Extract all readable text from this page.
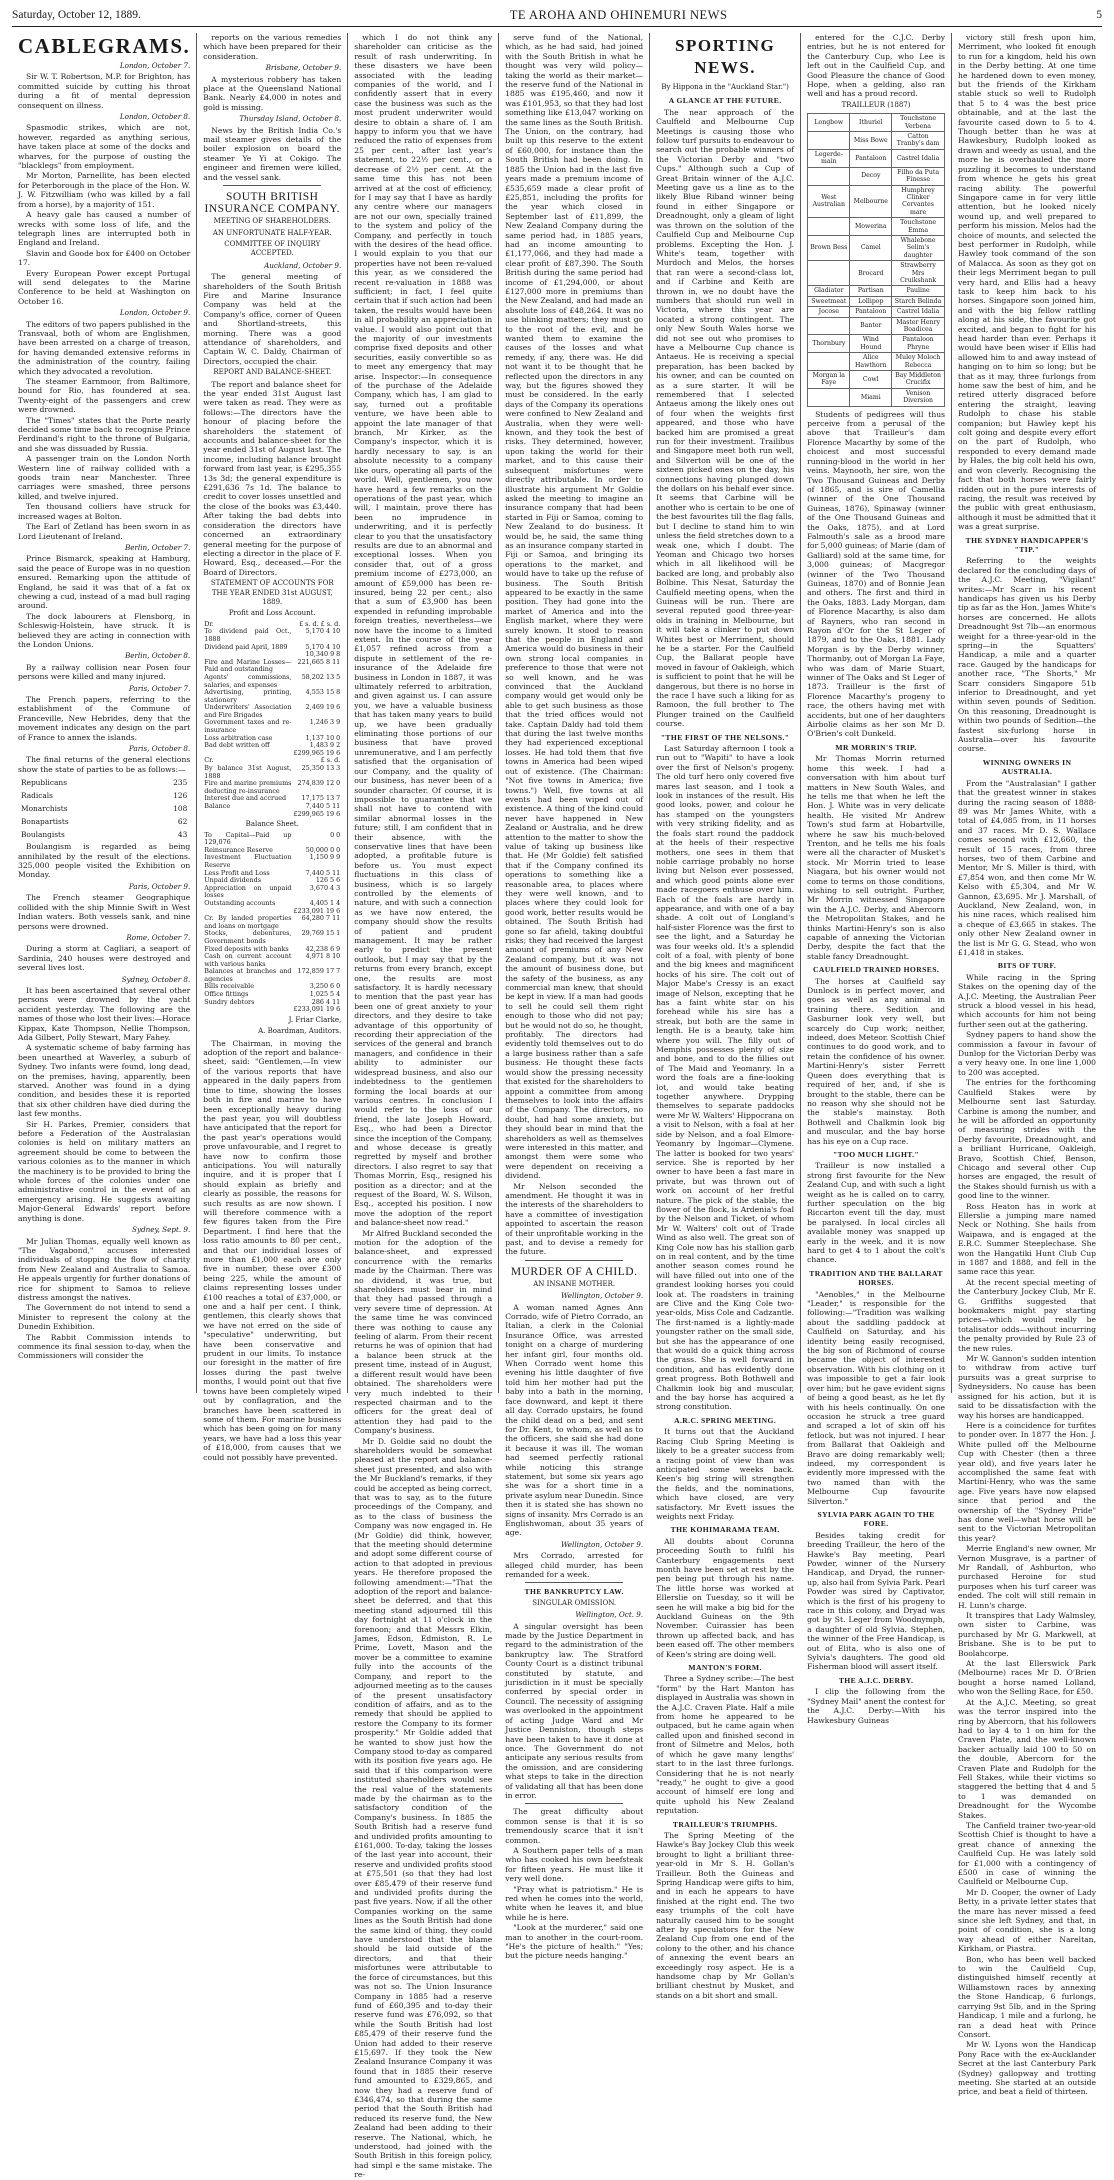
Saturday, October 12, 1889.	TE AROHA AND OHINEMURI NEWS	5
CABLEGRAMS.
London, October 7.

Sir W. T. Robertson, M.P. for Brighton, has committed suicide by cutting his throat during a fit of mental depression consequent on illness.

London, October 8.

Spasmodic strikes, which are not, however, regarded as anything serious, have taken place at some of the docks and wharves, for the purpose of ousting the "blacklegs" from employment.

Mr Morton, Parnellite, has been elected for Peterborough in the place of the Hon. W. J. W. Fitzwilliam (who was killed by a fall from a horse), by a majority of 151.

A heavy gale has caused a number of wrecks with some loss of life, and the telegraph lines are interrupted both in England and Ireland.

Slavin and Goode box for £400 on October 17.

Every European Power except Portugal will send delegates to the Marine Conference to be held at Washington on October 16.

London, October 9.

The editors of two papers published in the Transvaal, both of whom are Englishmen, have been arrested on a charge of treason, for having demanded extensive reforms in the administration of the country, failing which they advocated a revolution.

The steamer Earnmoor, from Baltimore, bound for Rio, has foundered at sea. Twenty-eight of the passengers and crew were drowned.

The "Times" states that the Porte nearly decided some time back to recognise Prince Ferdinand's right to the throne of Bulgaria, and she was dissuaded by Russia.

A passenger train on the London North Western line of railway collided with a goods train near Manchester. Three carriages were smashed, three persons killed, and twelve injured.

Ten thousand colliers have struck for increased wages at Bolton.

The Earl of Zetland has been sworn in as Lord Lieutenant of Ireland.

Berlin, October 7.

Prince Bismarck, speaking at Hamburg, said the peace of Europe was in no question ensured. Remarking upon the attitude of England, he said it was that of a fat ox chewing a cud, instead of a mad bull raging around.

The dock labourers at Flensborg, in Schleswig-Holstein, have struck. It is believed they are acting in connection with the London Unions.

Berlin, October 8.

By a railway collision near Posen four persons were killed and many injured.

Paris, October 7.

The French papers, referring to the establishment of the Commune of Franceville, New Hebrides, deny that the movement indicates any design on the part of France to annex the islands.

Paris, October 8.

The final returns of the general elections show the state of parties to be as follows:—

Republicans	235
Radicals	126
Monarchists	108
Bonapartists	62
Boulangists	43

Boulangism is regarded as being annihilated by the result of the elections. 325,000 people visited the Exhibition on Monday.

Paris, October 9.

The French steamer Geographique collided with the ship Minnie Swift in West Indian waters. Both vessels sank, and nine persons were drowned.

Rome, October 7.

During a storm at Cagliari, a seaport of Sardinia, 240 houses were destroyed and several lives lost.

Sydney, October 8.

It has been ascertained that several other persons were drowned by the yacht accident yesterday. The following are the names of those who lost their lives:—Horace Kippax, Kate Thompson, Nellie Thompson, Ada Gilbert, Polly Stewart, Mary Fahey.

A systematic scheme of baby farming has been unearthed at Waverley, a suburb of Sydney. Two infants were found, long dead, on the premises, having, apparently, been starved. Another was found in a dying condition, and besides these it is reported that six other children have died during the last few months.

Sir H. Parkes, Premier, considers that before a Federation of the Australasian colonies is held on military matters an agreement should be come to between the various colonies as to the manner in which the machinery is to be provided to bring the whole forces of the colonies under one administrative control in the event of an emergency arising. He suggests awaiting Major-General Edwards' report before anything is done.

Sydney, Sept. 9.

Mr Julian Thomas, equally well known as "The Vagabond," accuses interested individuals of stopping the flow of charity from New Zealand and Australia to Samoa. He appeals urgently for further donations of rice for shipment to Samoa to relieve distress amongst the natives.

The Government do not intend to send a Minister to represent the colony at the Dunedin Exhibition.

The Rabbit Commission intends to commence its final session to-day, when the Commissioners will consider the

reports on the various remedies which have been prepared for their consideration.

Brisbane, October 9.

A mysterious robbery has taken place at the Queensland National Bank. Nearly £4,000 in notes and gold is missing.

Thursday Island, October 8.

News by the British India Co.'s mail steamer gives details of the boiler explosion on board the steamer Ye Yi at Cokigo. The engineer and firemen were killed, and the vessel sank.

SOUTH BRITISH INSURANCE COMPANY.
MEETING OF SHAREHOLDERS.
AN UNFORTUNATE HALF-YEAR.
COMMITTEE OF INQUIRY ACCEPTED.
Auckland, October 9.

The general meeting of shareholders of the South British Fire and Marine Insurance Company was held at the Company's office, corner of Queen and Shortland-streets, this morning. There was a good attendance of shareholders, and Captain W. C. Daldy, Chairman of Directors, occupied the chair.

REPORT AND BALANCE-SHEET.

The report and balance sheet for the year ended 31st August last were taken as read. They were as follows:—The directors have the honour of placing before the shareholders the statement of accounts and balance-sheet for the year ended 31st of August last. The income, including balance brought forward from last year, is £295,355 13s 3d; the general expenditure is £291,636 7s 1d. The balance to credit to cover losses unsettled and the close of the books was £3,440. After taking the bad debts into consideration the directors have concerned an extraordinary general meeting for the purpose of electing a director in the place of F. Howard, Esq., deceased.—For the Board of Directors.

STATEMENT OF ACCOUNTS FOR THE YEAR ENDED 31st AUGUST, 1889.
Profit and Loss Account.
Dr.	£ s. d. £ s. d.
To dividend paid Oct., 1888	5,170 4 10
Dividend paid April, 1889	5,170 4 10
	10,340 9 8
Fire and Marine Losses—Paid and outstanding	221,665 8 11
Agents' commissions, salaries, and expenses	58,202 13 5
Advertising, printing, stationery	4,553 15 8
Underwriters' Association and Fire Brigades	2,469 19 6
Government taxes and re-insurance	1,246 3 9
Loss arbitration case	1,137 10 0
Bad debt written off	1,483 9 2
	£299,965 19 6
Cr.	£ s. d.
By balance 31st August, 1888	25,350 13 3
Fire and marine premiums deducting re-insurance	274,839 12 0
Interest due and accrued	17,175 13 7
Balance	7,440 5 11
	£299,965 19 6
Balance Sheet.
To Capital—Paid up 129,076	0 0
Reinsurance Reserve	50,000 0 0
Investment Fluctuation Reserve	1,150 9 9
Less Profit and Loss	7,440 5 11
Unpaid dividends	126 5 6
Appreciation on unpaid losses	3,670 4 3
Outstanding accounts	4,405 1 4
	£233,091 19 6
Cr. By landed properties and loans on mortgage	64,280 7 11
Stocks, debentures, Government bonds	29,769 15 1
Fixed deposits with banks	42,238 6 9
Cash on current account with various banks	4,971 8 10
Balances at branches and agencies	172,859 17 7
Bills receivable	3,250 6 0
Office fittings	1,025 5 4
Sundry debtors	286 4 11
	£233,091 19 6
J. Friar Clarke,
A. Boardman, Auditors.

The Chairman, in moving the adoption of the report and balance-sheet, said: "Gentlemen,—In view of the various reports that have appeared in the daily papers from time to time, showing the losses both in fire and marine to have been exceptionally heavy during the past year, you will doubtless have anticipated that the report for the past year's operations would prove unfavourable, and I regret to have now to confirm those anticipations. You will naturally inquire, and it is proper that I should explain as briefly and clearly as possible, the reasons for such results as are now shown. I will therefore commence with a few figures taken from the Fire Department. I find here that the loss ratio amounts to 80 per cent., and that our individual losses of more than £1,000 each are only five in number, these over £300 being 225, while the amount of claims representing losses under £100 reaches a total of £37,000, or one and a half per cent. I think, gentlemen, this clearly shows that we have not erred on the side of "speculative" underwriting, but have been conservative and prudent in our limits. To instance our foresight in the matter of fire losses during the past twelve months, I would point out that five towns have been completely wiped out by conflagration, and the branches have been scattered in some of them. For marine business which has been going on for many years, we have had a loss this year of £18,000, from causes that we could not possibly have prevented.

which I do not think any shareholder can criticise as the result of rash underwriting. In these disasters we have been associated with the leading companies of the world, and I confidently assert that in every case the business was such as the most prudent underwriter would desire to obtain a share of. I am happy to inform you that we have reduced the ratio of expenses from 25 per cent., after last year's statement, to 22½ per cent., or a decrease of 2½ per cent. At the same time this has not been arrived at at the cost of efficiency, for I may say that I have as hardly any centre where our managers are not our own, specially trained to the system and policy of the Company, and perfectly in touch with the desires of the head office. I would explain to you that our properties have not been re-valued this year, as we considered the recent re-valuation in 1888 was sufficient; in fact, I feel quite certain that if such action had been taken, the results would have been in all probability an appreciation in value. I would also point out that the majority of our investments comprise fixed deposits and other securities, easily convertible so as to meet any emergency that may arise. Inspector:—In consequence of the purchase of the Adelaide Company, which has, I am glad to say, turned out a profitable venture, we have been able to appoint the late manager of that branch, Mr Kirker, as the Company's inspector, which it is hardly necessary to say, is an absolute necessity to a company like ours, operating all parts of the world. Well, gentlemen, you now have heard a few remarks on the operations of the past year, which will, I maintain, prove there has been no imprudence in underwriting, and it is perfectly clear to you that the unsatisfactory results are due to an abnormal and exceptional losses. When you consider that, out of a gross premium income of £273,000, an amount of £59,000 has been re-insured, being 22 per cent.; also that a sum of £3,900 has been expended in refunding improbable foreign treaties, nevertheless—we now have the income to a limited extent. In the course of the year £1,057 refined across from a dispute in settlement of the re-insurance of the Adelaide fire business in London in 1887, it was ultimately referred to arbitration, and given against us. I can assure you, we have a valuable business that has taken many years to build up, we have been gradually eliminating those portions of our business that have proved unremunerative, and I am perfectly satisfied that the organisation of our Company, and the quality of our business, has never been of a sounder character. Of course, it is impossible to guarantee that we shall not have to contend with similar abnormal losses in the future; still, I am confident that in their absence, with the conservative lines that have been adopted, a profitable future is before us. You must expect fluctuations in this class of business, which is so largely controlled by the elements of nature, and with such a connection as we have now entered, the company should show the results of patient and prudent management. It may be rather early to predict the present outlook, but I may say that by the returns from every branch, except one, the results are most satisfactory. It is hardly necessary to mention that the past year has been one of great anxiety to your directors, and they desire to take advantage of this opportunity of recording their appreciation of the services of the general and branch managers, and confidence in their ability to administer our widespread business, and also our indebtedness to the gentlemen forming the local boards at our various centres. In conclusion I would refer to the loss of our friend, the late Joseph Howard, Esq., who had been a Director since the inception of the Company, and whose decease is greatly regretted by myself and brother directors. I also regret to say that Thomas Morrin, Esq., resigned his position as a director; and at the request of the Board, W. S. Wilson, Esq., accepted his position. I now move the adoption of the report and balance-sheet now read."

Mr Alfred Buckland seconded the motion for the adoption of the balance-sheet, and expressed concurrence with the remarks made by the Chairman. There was no dividend, it was true, but shareholders must bear in mind that they had passed through a very severe time of depression. At the same time he was convinced there was nothing to cause any feeling of alarm. From their recent returns he was of opinion that had a balance been struck at the present time, instead of in August, a different result would have been obtained. The shareholders were very much indebted to their respected chairman and to the officers for the great deal of attention they had paid to the Company's business.

Mr D. Goldie said no doubt the shareholders would be somewhat pleased at the report and balance-sheet just presented, and also with the Mr Buckland's remarks, if they could be accepted as being correct, that was to say, as to the future proceedings of the Company, and as to the class of business the Company was now engaged in. He (Mr Goldie) did think, however, that the meeting should determine and adopt some different course of action to that adopted in previous years. He therefore proposed the following amendment:—"That the adoption of the report and balance-sheet be deferred, and that this meeting stand adjourned till this day fortnight at 11 o'clock in the forenoon; and that Messrs Elkin, James, Edson, Edmiston, R. Le Prime, Lovett, Mason and the mover be a committee to examine fully into the accounts of the Company, and report to the adjourned meeting as to the causes of the present unsatisfactory condition of affairs, and as to the remedy that should be applied to restore the Company to its former prosperity." Mr Goldie added that he wanted to show just how the Company stood to-day as compared with its position five years ago. He said that if this comparison were instituted shareholders would see the real value of the statements made by the chairman as to the satisfactory condition of the Company's business. In 1885 the South British had a reserve fund and undivided profits amounting to £161,000. To-day, taking the losses of the last year into account, their reserve and undivided profits stood at £75,501 (so that they had lost over £85,479 of their reserve fund and undivided profits during the past five years. Now, if all the other Companies working on the same lines as the South British had done the same kind of thing, they could have understood that the blame should be laid outside of the directors, and that their misfortunes were attributable to the force of circumstances, but this was not so. The Union Insurance Company in 1885 had a reserve fund of £60,395 and to-day their reserve fund was £76,092, so that while the South British had lost £85,479 of their reserve fund the Union had added to their reserve £15,697. If they took the New Zealand Insurance Company it was found that in 1885 their reserve fund amounted to £329,865, and now they had a reserve fund of £346,474, so that during the same period that the South British had reduced its reserve fund, the New Zealand had been adding to their reserve. The National, which, he understood, had joined with the South British in this foreign policy, had simpl e the same mistake. The re-

serve fund of the National, which, as he had said, had joined with the South British in what he thought was very wild policy—taking the world as their market—the reserve fund of the National in 1885 was £195,460, and now it was £101,953, so that they had lost something like £13,047 working on the same lines as the South British. The Union, on the contrary, had built up this reserve to the extent of £60,000, for instance than the South British had been doing. In 1885 the Union had in the last five years made a premium income of £535,659 made a clear profit of £25,851, including the profits for the year which closed in September last of £11,899, the New Zealand Company during the same period had, in 1885 years, had an income amounting to £1,177,066, and they had made a clear profit of £87,390. The South British during the same period had income of £1,294,000, or about £127,000 more in premiums than the New Zealand, and had made an absolute loss of £48,264. It was no use blinking matters; they must go to the root of the evil, and he wanted them to examine the causes of the losses and what remedy, if any, there was. He did not want it to be thought that he reflected upon the directors in any way, but the figures showed they must be considered. In the early days of the Company its operations were confined to New Zealand and Australia, when they were well-known, and they took the best of risks. They determined, however, upon taking the world for their market, and to this cause their subsequent misfortunes were directly attributable. In order to illustrate his argument Mr Goldie asked the meeting to imagine an insurance company that had been started in Fiji or Samoa, coming to New Zealand to do business. It would be, he said, the same thing as an insurance company started in Fiji or Samoa, and bringing its operations to the market, and would have to take up the refuse of business. The South British appeared to be exactly in the same position. They had gone into the market of America and into the English market, where they were surely known. It stood to reason that the people in England and America would do business in their own strong local companies in preference to those that were not so well known, and he was convinced that the Auckland company would get would only be able to get such business as those that the tried offices would not take. Captain Daldy had told them that during the last twelve months they had experienced exceptional losses. He had told them that five towns in America had been wiped out of existence. (The Chairman: "Not five towns in America; five towns.") Well, five towns at all events had been wiped out of existence. A thing of the kind could never have happened in New Zealand or Australia, and he drew attention to the matter to show the value of taking up business like that. He (Mr Goldie) felt satisfied that if the Company confined its operations to something like a reasonable area, to places where they were well known, and to places where they could look for good work, better results would be obtained. The South British had gone so far afield, taking doubtful risks; they had received the largest amount of premiums of any New Zealand company, but it was not the amount of business done, but the safety of the business, as any commercial man knew, that should be kept in view. If a man had goods to sell he could sell them right enough to those who did not pay; but he would not do so, he thought, profitably. The directors had evidently told themselves out to do a large business rather than a safe business. He thought these facts would show the pressing necessity that existed for the shareholders to appoint a committee from among themselves to look into the affairs of the Company. The directors, no doubt, had had some anxiety, but they should bear in mind that the shareholders as well as themselves were interested in this matter, and amongst them were some who were dependent on receiving a dividend.

Mr Nelson seconded the amendment. He thought it was in the interests of the shareholders to have a committee of investigation appointed to ascertain the reason of their unprofitable working in the past, and to devise a remedy for the future.

MURDER OF A CHILD.
AN INSANE MOTHER.
Wellington, October 9.

A woman named Agnes Ann Corrado, wife of Pietro Corrado, an Italian, a clerk in the Colonial Insurance Office, was arrested tonight on a charge of murdering her infant girl, four months old. When Corrado went home this evening his little daughter of five told him her mother had put the baby into a bath in the morning, face downward, and kept it there all day. Corrado upstairs, he found the child dead on a bed, and sent for Dr. Kent, to whom, as well as to the officers, she said she had done it because it was ill. The woman had seemed perfectly rational while noticing this strange statement, but some six years ago she was for a short time in a private asylum near Dunedin. Since then it is stated she has shown no signs of insanity. Mrs Corrado is an Englishwoman, about 35 years of age.

Wellington, October 9.

Mrs Corrado, arrested for alleged child murder, has been remanded for a week.

THE BANKRUPTCY LAW.
SINGULAR OMISSION.
Wellington, Oct. 9.

A singular oversight has been made by the Justice Department in regard to the administration of the bankruptcy law. The Stratford County Court is a distinct tribunal constituted by statute, and jurisdiction in it must be specially conferred by special order in Council. The necessity of assigning was overlooked in the appointment of acting Judge Ward and Mr Justice Denniston, though steps have been taken to have it done at once. The Government do not anticipate any serious results from the omission, and are considering what steps to take in the direction of validating all that has been done in error.

The great difficulty about common sense is that it is so tremendously scarce that it isn't common.

A Southern paper tells of a man who has cooked his own beefsteak for fifteen years. He must like it very well done.

"Pray what is patriotism." He is red when he comes into the world, white when he leaves it, and blue while he is here.

"Look at the murderer," said one man to another in the court-room. "He's the picture of health." "Yes; but the picture needs hanging."

SPORTING NEWS.
By Hippona in the "Auckland Star.")
A GLANCE AT THE FUTURE.

The near approach of the Caulfield and Melbourne Cup Meetings is causing those who follow turf pursuits to endeavour to search out the probable winners of the Victorian Derby and "two Cups." Although such a Cup of Great Britain winner of the A.J.C. Meeting gave us a line as to the likely Blue Riband winner being found in either Singapore or Dreadnought, only a gleam of light was thrown on the solution of the Caulfield Cup and Melbourne Cup problems. Excepting the Hon. J. White's team, together with Murdoch and Melos, the horses that ran were a second-class lot, and if Carbine and Keith are thrown in, we no doubt have the numbers that should run well in Victoria, where this year are located a strong contingent. The only New South Wales horse we did not see out who promises to have a Melbourne Cup chance is Antaeus. He is receiving a special preparation, has been backed by his owner, and can be counted on as a sure starter. It will be remembered that I selected Antaeus among the likely ones out of four when the weights first appeared, and those who have backed him are promised a great run for their investment. Trailibus and Singapore meet both run well, and Silverton will be one of the sixteen picked ones on the day, his connections having plunged down the dollars on his behalf ever since. It seems that Carbine will be another who is certain to be one of the best favourites till the flag falls, but I decline to stand him to win unless the field stretches down to a weak one, which I doubt. The Yeoman and Chicago two horses which in all likelihood will be backed are long, and probably also Bolbine. This Nesat, Saturday the Caulfield meeting opens, when the Guineas will be run. There are several reputed good three-year-olds in training in Melbourne, but it will take a clinker to put down Whites best or Merriment, should he be a starter. For the Caulfield Cup, the Ballarat people have moved in favour of Oakleigh, which is sufficient to point that he will be dangerous, but there is no horse in the race I have such a liking for as Ramoon, the full brother to The Plunger trained on the Caulfield course.

"THE FIRST OF THE NELSONS."

Last Saturday afternoon I took a run out to "Wapiti" to have a look over the first of Nelson's progeny. The old turf hero only covered five mares last season, and I took a look in instances of the result. His good looks, power, and colour he has stamped on the youngsters with very striking fidelity, and as the foals start round the paddock at the heels of their respective mothers, one sees in them that noble carriage probably no horse living but Nelson ever possessed, and which good points alone ever made racegoers enthuse over him. Each of the foals are hardy in appearance, and with one of a bay shade. A colt out of Longland's half-sister Florence was the first to see the light, and a Saturday he was four weeks old. It's a splendid colt of a foal, with plenty of bone and the big knees and magnificent hocks of his sire. The colt out of Major Mabe's Cressy is an exact image of Nelson, excepting that he has a faint white star on his forehead while his sire has a streak, but both are the same in length. He is a beauty, take him where you will. The filly out of Memphis possesses plenty of size and bone, and to do the fillies out of The Maid and Yeomanry. In a word the foals are a fine-looking lot, and would take beating together anywhere. Drypping themselves to separate paddocks were Mr W. Walters' Hippocrana on a visit to Nelson, with a foal at her side by Nelson, and a foal Elmore-Yeomanry by Ingomar—Clymene. The latter is booked for two years' service. She is reported by her owner to have been a fast mare in private, but was thrown out of work on account of her fretful nature. The pick of the stable, the flower of the flock, is Ardenia's foal by the Nelson and Ticket, of whom Mr W. Walters' colt out of Trade Wind as also well. The great son of King Cole now has his stallion garb on in real content, and by the time another season comes round he will have filled out into one of the grandest looking horses you could look at. The roadsters in training are Clive and the King Cole two-year-olds, Miss Cole and Cadzantle. The first-named is a lightly-made youngster rather on the small side, but she has the appearance of one that would do a quick thing across the grass. She is well forward in condition, and has evidently done great progress. Both Bothwell and Chalkmin look big and muscular, and the bay horse has acquired a strong constitution.

A.R.C. SPRING MEETING.

It turns out that the Auckland Racing Club Spring Meeting is likely to be a greater success from a racing point of view than was anticipated some weeks back. Keen's big string will strengthen the fields, and the nominations, which have closed, are very satisfactory. Mr Evett issues the weights next Friday.

THE KOHIMARAMA TEAM.

All doubts about Corunna proceeding South to fulfil his Canterbury engagements next month have been set at rest by the pen being put through his name. The little horse was worked at Ellerslie on Tuesday, so it will be seen he will make a big bid for the Auckland Guineas on the 9th November. Cuirassier has been thrown up affected back, and has been eased off. The other members of Keen's string are doing well.

MANTON'S FORM.

Three a Sydney scribe:—The best "form" by the Hart Manton has displayed in Australia was shown in the A.J.C. Craven Plate. Half a mile from home he appeared to be outpaced, but he came again when called upon and finished second in front of Silmetre and Melos, both of which he gave many lengths' start to in the last three furlongs. Considering that he is not nearly "ready," he ought to give a good account of himself ere long and quite uphold his New Zealand reputation.

TRAILLEUR'S TRIUMPHS.

The Spring Meeting of the Hawke's Bay Jockey Club this week brought to light a brilliant three-year-old in Mr S. H. Gollan's Trailleur. Both the Guineas and Spring Handicap were gifts to him, and in each he appears to have finished at the right end. The two easy triumphs of the colt have naturally caused him to be sought after by speculators for the New Zealand Cup from one end of the colony to the other, and his chance of annexing the event bears an exceedingly rosy aspect. He is a handsome chap by Mr Gollan's brilliant chestnut by Musket, and stands on a bit short and small.

entered for the C.J.C. Derby entries, but he is not entered for the Canterbury Cup, who Lee is left out in the Caulfield Cup, and Good Pleasure the chance of Good Hope, when a gelding, also ran well and has a proud record.

TRAILLEUR (1887)
Longbow	Ithuriel	Touchstone Verbena
	Miss Bowe	Catton Tranby's dam
Legerde-main	Pantaloon	Castrel Idalia
	Decoy	Filho da Puta Finesse
West Australian	Melbourne	Humphrey Clinker Cervantes mare
	Mowerina	Touchstone Emma
Brown Bess	Camel	Whalebone Selim's daughter
	Brocard	Strawberry Mrs Cruikshank
Gladiator	Partisan	Pauline
Sweetmeat	Lollipop	Starch Belinda
Jocose	Pantaloon	Castrel Idalia
	Banter	Master Henry Boadicea
Thornbury	Wind Hound	Pantaloon Phryne
	Alice Hawthorn	Muley Moloch Rebecca
Morgan la Faye	Cowl	Bay Middleton Crucifix
	Miami	Venison Diversion

Students of pedigrees will thus perceive from a perusal of the above that Trailleur's dam Florence Macarthy by some of the choicest and most successful running-blood in the world in her veins. Maynooth, her sire, won the Two Thousand Guineas and Derby of 1865, and is sire of Camellia (winner of the One Thousand Guineas, 1876), Spinaway (winner of the One Thousand Guineas and the Oaks, 1875), and at Lord Falmouth's sale as a brood mare for 5,000 guineas; of Marie (dam of Galliard) sold at the same time, for 3,000 guineas; of Macgregor (winner of the Two Thousand Guineas, 1870) and of Bonnie Jean and others. The first and third in the Oaks, 1883. Lady Morgan, dam of Florence Macarthy, is also dam of Rayners, who ran second in Rayon d'Or for the St Leger of 1879, and to the Oaks, 1881. Lady Morgan is by the Derby winner, Thormanby, out of Morgan La Faye, who was dam of Marie Stuart, winner of The Oaks and St Leger of 1873. Trailleur is the first of Florence Macarthy's progeny to race, the others having met with accidents, but one of her daughters Airbolie claims as her son Mr D. O'Brien's colt Dunkeld.

MR MORRIN'S TRIP.

Mr Thomas Morrin returned home this week. I had a conversation with him about turf matters in New South Wales, and he tells me that when he left the Hon. J. White was in very delicate health. He visited Mr Andrew Town's stud farm at Hobartville, where he saw his much-beloved Trenton, and he tells me his foals were all the character of Musket's stock. Mr Morrin tried to lease Niagara, but his owner would not come to terms on those conditions, wishing to sell outright. Further, Mr Morrin witnessed Singapore win the A.J.C. Derby, and Abercorn the Metropolitan Stakes, and he thinks Martini-Henry's son is also capable of annexing the Victorian Derby, despite the fact that the stable fancy Dreadnought.

CAULFIELD TRAINED HORSES.

The horses at Caulfield say Dunlock is in perfect mover, and goes as well as any animal in training there. Sedition and Gasburner look very well, but scarcely do Cup work; neither, indeed, does Meteor. Scottish Chief continues to do good work, and to retain the confidence of his owner. Martini-Henry's sister Ferrett Queen does everything that is required of her, and, if she is brought to the stable, there can be no reason why she should not be the stable's mainstay. Both Bothwell and Chalkmin look big and muscular, and the bay horse has his eye on a Cup race.

"TOO MUCH LIGHT."

Trailleur is now installed a strong first favourite for the New Zealand Cup, and with such a light weight as he is called on to carry, further speculation on the big Riccarton event till the day, must be paralysed. In local circles all available money was snapped up early in the week, and it is now hard to get 4 to 1 about the colt's chance.

TRADITION AND THE BALLARAT HORSES.

"Aenobles," in the Melbourne "Leader," is responsible for the following:—"Tradition was walking about the saddling paddock at Caulfield on Saturday, and his identity being easily recognised, the big son of Richmond of course became the object of interested observation. With his clothing on it was impossible to get a fair look over him; but he gave evident signs of being a good beast, as he let fly with his heels continually. On one occasion he struck a tree guard and scraped a lot of skin off his fetlock, but was not injured. I hear from Ballarat that Oakleigh and Bravo are doing remarkably well; indeed, my correspondent is evidently more impressed with the two named than with the Melbourne Cup favourite Silverton."

SYLVIA PARK AGAIN TO THE FORE.

Besides taking credit for breeding Trailleur, the hero of the Hawke's Bay meeting, Pearl Powder, winner of the Nursery Handicap, and Dryad, the runner-up, also hail from Sylvia Park. Pearl Powder was sired by Captivator, which is the first of his progeny to race in this colony, and Dryad was got by St. Leger from Woodnymph, a daughter of old Sylvia. Stephen, the winner of the Free Handicap, is out of Elita, who is also one of Sylvia's daughters. The good old Fisherman blood will assert itself.

THE A.J.C. DERBY.

I clip the following from the "Sydney Mail" anent the contest for the A.J.C. Derby:—With his Hawkesbury Guineas

victory still fresh upon him, Merriment, who looked fit enough to run for a kingdom, held his own in the Derby betting. At one time he hardened down to even money, but the friends of the Kirkham stable stuck so well to Rudolph that 5 to 4 was the best price obtainable, and at the last the favourite cased down to 5 to 4. Though better than he was at Hawkesbury, Rudolph looked as drawn and weedy as usual, and the more he is overhauled the more puzzling it becomes to understand from whence he gets his great racing ability. The powerful Singapore came in for very little attention, but he looked nicely wound up, and well prepared to perform his mission. Melos had the choice of mounts, and selected the best performer in Rudolph, while Hawley took command of the son of Malacca. As soon as they got on their legs Merriment began to pull very hard, and Ellis had a heavy task to keep him back to his horses. Singapore soon joined him, and with the big fellow rattling along at his side, the favourite got excited, and began to fight for his head harder than ever. Perhaps it would have been wiser if Ellis had allowed him to and away instead of hanging on to him so long; but be that as it may, three furlongs from home saw the best of him, and he retired utterly disgraced before entering the straight, leaving Rudolph to chase his stable companion; but Hawley kept his colt going and despite every effort on the part of Rudolph, who responded to every demand made by Hales, the big colt held his own, and won cleverly. Recognising the fact that both horses were fairly ridden out in the pure interests of racing, the result was received by the public with great enthusiasm, although it must be admitted that it was a great surprise.

THE SYDNEY HANDICAPPER'S "TIP."

Referring to the weights declared for the concluding days of the A.J.C. Meeting, "Vigilant" writes:—Mr Scarr in his recent handicaps has given us his Derby tip as far as the Hon. James White's horses are concerned. He allots Dreadnought 9st 7lb—an enormous weight for a three-year-old in the spring—in the Squatters' Handicap, a mile and a quarter race. Gauged by the handicaps for another race, "The Shorts," Mr Scarr considers Singapore 51b inferior to Dreadnought, and yet within seven pounds of Sedition. On this reasoning, Dreadnought is within two pounds of Sedition—the fastest six-furlong horse in Australia—over his favourite course.

WINNING OWNERS IN AUSTRALIA.

From the "Australasian" I gather that the greatest winner in stakes during the racing season of 1888-89 was Mr James White, with a total of £4,085 from, in 11 horses and 37 races. Mr D. S. Wallace comes second with £12,660, the result of 15 races, from three horses, two of them Carbine and Mentor, Mr S. Miller is third, with £7,854 won, and then come Mr W. Kelso with £5,304, and Mr W. Gannon, £3,695. Mr J. Marshall, of Auckland, New Zealand, won, in his nine races, which realised him a cheque of £3,665 in stakes. The only other New Zealand owner in the list is Mr G. G. Stead, who won £1,418 in stakes.

BITS OF TURF.

While racing in the Spring Stakes on the opening day of the A.J.C. Meeting, the Australian Peer struck a blood vessel in his head, which accounts for him not being further seen out at the gathering.

Sydney papers to hand show the commission a favour in favour of Dunlop for the Victorian Derby was a very heavy one. In one line 1,000 to 200 was accepted.

The entries for the forthcoming Caulfield Stakes were by Melbourne sent last Saturday. Carbine is among the number, and he will be afforded an opportunity of measuring strides with the Derby favourite, Dreadnought, and a brilliant Hurricane, Oakleigh, Bravo, Scottish Chief, Benson, Chicago and several other Cup horses are engaged, the result of the Stakes should furnish us with a good line to the winner.

Ross Heaton has in work at Ellerslie a jumping mare named Neck or Nothing. She hails from Waipawa, and is engaged at the E.R.C. Summer Steeplechase. She won the Hangatiki Hunt Club Cup in 1887 and 1888, and fell in the same race this year.

At the recent special meeting of the Canterbury Jockey Club, Mr E. G. Griffiths suggested that bookmakers might pay starting prices—which would really be totalisator odds—without incurring the penalty provided by Rule 23 of the new rules.

Mr W. Gannon's sudden intention to withdraw from active turf pursuits was a great surprise to Sydneysiders. No cause has been assigned for his action, but it is said to be dissatisfaction with the way his horses are handicapped.

Here is a coincidence for turfites to ponder over. In 1877 the Hon. J. White pulled off the Melbourne Cup with Chester (then a three year old), and five years later he accomplished the same feat with Martini-Henry, who was the same age. Five years have now elapsed since that period and the ownership of the "Sydney Pride" has done well—what horse will be sent to the Victorian Metropolitan this year?

Merrie England's new owner, Mr Vernon Musgrave, is a partner of Mr Randall, of Ashburton, who purchased Heroine for stud purposes when his turf career was ended. The colt will still remain in H. Lunn's charge.

It transpires that Lady Walmsley, own sister to Carbine, was purchased by Mr G. Markwell, at Brisbane. She is to be put to Boolahcorpe.

At the last Ellerswick Park (Melbourne) races Mr D. O'Brien bought a horse named Lolland, who won the Selling Race, for £50.

At the A.J.C. Meeting, so great was the terror inspired into the ring by Abercorn, that his followers had to lay 4 to 1 on him for the Craven Plate, and the well-known backer actually laid 100 to 50 on the double, Abercorn for the Craven Plate and Rudolph for the Fell Stakes, while their victims so staggered the betting that 4 and 5 to 1 was demanded on Dreadnought for the Wycombe Stakes.

The Canfield trainer two-year-old Scottish Chief is thought to have a great chance of annexing the Caulfield Cup. He was lately sold for £1,000 with a contingency of £500 in case of winning the Caulfield or Melbourne Cup.

Mr D. Cooper, the owner of Lady Betty, in a private letter states that the mare has never missed a feed since she left Sydney, and that, in point of condition, she is a long way ahead of either Nareltan, Kirkham, or Piastra.

Bon, who has been well backed to win the Caulfield Cup, distinguished himself recently at Williamstown races by annexing the Stone Handicap, 6 furlongs, carrying 9st 5lb, and in the Spring Handicap, 1 mile and a furlong, he ran a dead heat with Prince Consort.

Mr W. Lyons won the Handicap Pony Race with the ex-Aucklander Secret at the last Canterbury Park (Sydney) gallopway and trotting meeting. She started at an outside price, and beat a field of thirteen.
